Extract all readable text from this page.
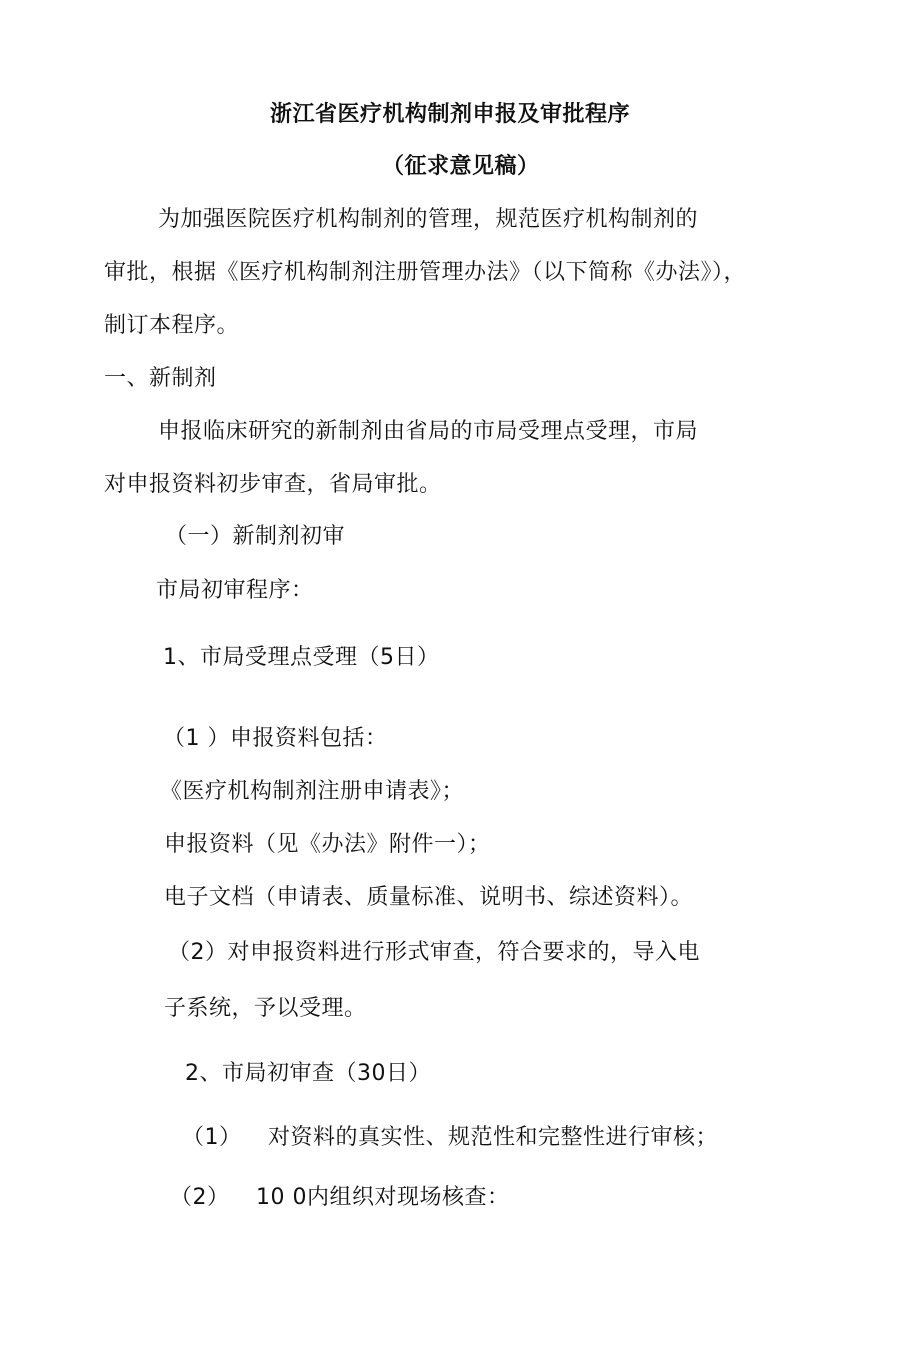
浙江省医疗机构制剂申报及审批程序
（征求意见稿）
为加强医院医疗机构制剂的管理，规范医疗机构制剂的
审批，根据《医疗机构制剂注册管理办法》（以下简称《办法》），
制订本程序。
一、新制剂
申报临床研究的新制剂由省局的市局受理点受理，市局
对申报资料初步审查，省局审批。
（一）新制剂初审
市局初审程序：
1、市局受理点受理（5日）
（1 ）申报资料包括：
《医疗机构制剂注册申请表》；
申报资料（见《办法》附件一）；
电子文档（申请表、质量标准、说明书、综述资料）。
（2）对申报资料进行形式审查，符合要求的，导入电
子系统，予以受理。
2、市局初审查（30日）
（1） 对资料的真实性、规范性和完整性进行审核；
（2） 10 0内组织对现场核查：
